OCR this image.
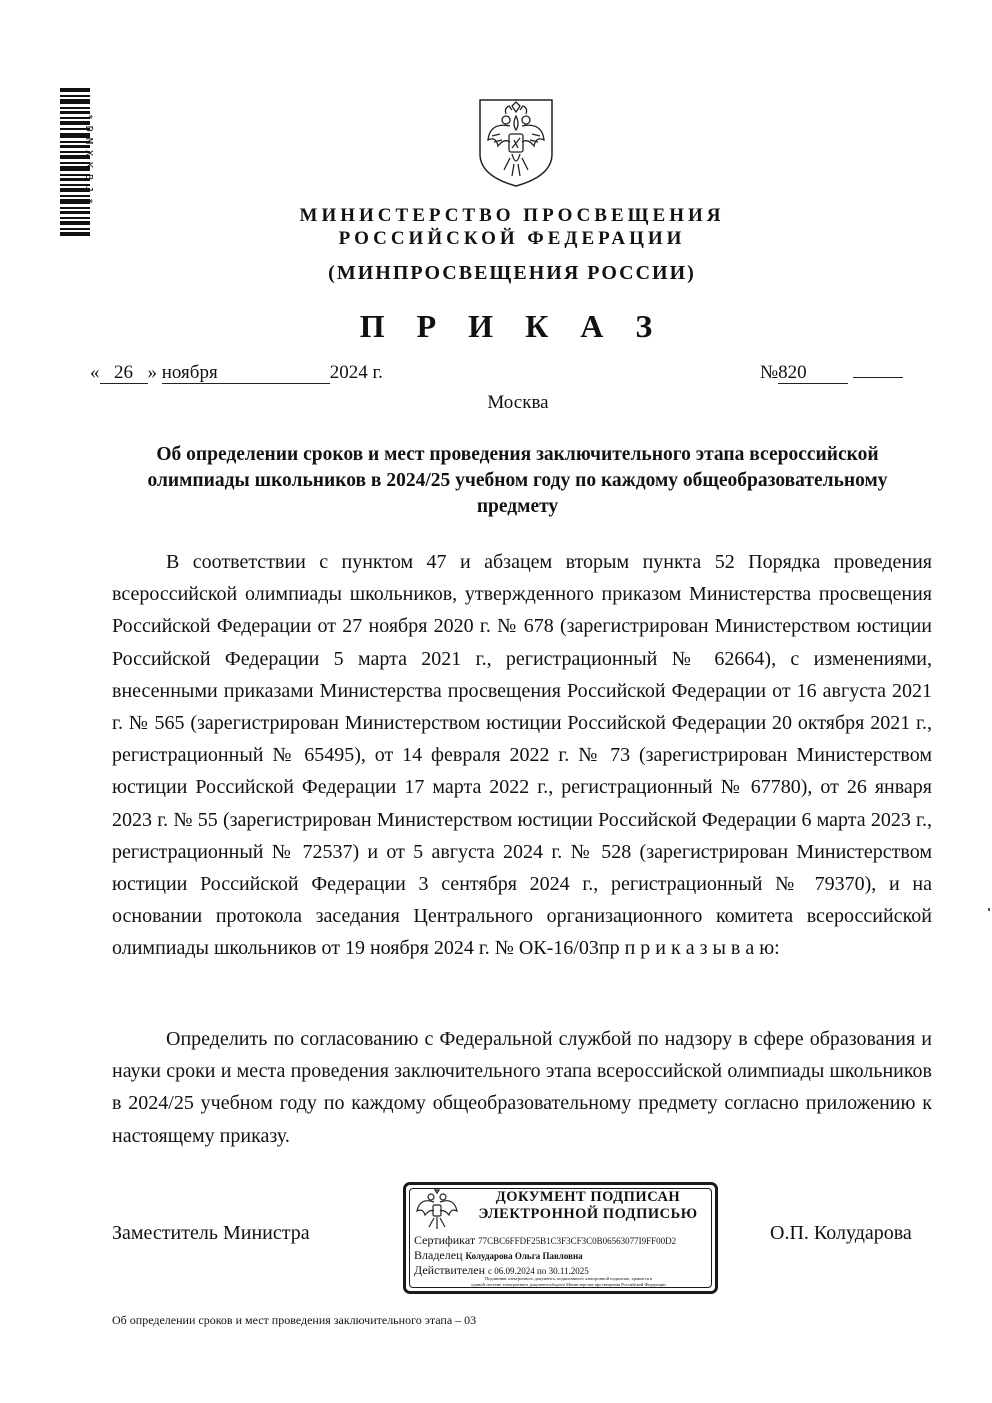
*DMXKBJ*
МИНИСТЕРСТВО ПРОСВЕЩЕНИЯ
РОССИЙСКОЙ ФЕДЕРАЦИИ
(МИНПРОСВЕЩЕНИЯ РОССИИ)
П Р И К А З
« 26 » ноября	2024 г.	№820
Москва
Об определении сроков и мест проведения заключительного этапа всероссийской олимпиады школьников в 2024/25 учебном году по каждому общеобразовательному предмету
В соответствии с пунктом 47 и абзацем вторым пункта 52 Порядка проведения всероссийской олимпиады школьников, утвержденного приказом Министерства просвещения Российской Федерации от 27 ноября 2020 г. № 678 (зарегистрирован Министерством юстиции Российской Федерации 5 марта 2021 г., регистрационный № 62664), с изменениями, внесенными приказами Министерства просвещения Российской Федерации от 16 августа 2021 г. № 565 (зарегистрирован Министерством юстиции Российской Федерации 20 октября 2021 г., регистрационный № 65495), от 14 февраля 2022 г. № 73 (зарегистрирован Министерством юстиции Российской Федерации 17 марта 2022 г., регистрационный № 67780), от 26 января 2023 г. № 55 (зарегистрирован Министерством юстиции Российской Федерации 6 марта 2023 г., регистрационный № 72537) и от 5 августа 2024 г. № 528 (зарегистрирован Министерством юстиции Российской Федерации 3 сентября 2024 г., регистрационный № 79370), и на основании протокола заседания Центрального организационного комитета всероссийской олимпиады школьников от 19 ноября 2024 г. № ОК-16/03пр п р и к а з ы в а ю:
Определить по согласованию с Федеральной службой по надзору в сфере образования и науки сроки и места проведения заключительного этапа всероссийской олимпиады школьников в 2024/25 учебном году по каждому общеобразовательному предмету согласно приложению к настоящему приказу.
Заместитель Министра
ДОКУМЕНТ ПОДПИСАН
ЭЛЕКТРОННОЙ ПОДПИСЬЮ
Сертификат 77CBC6FFDF25B1C3F3CF3C0B06563077I9FF00D2
Владелец Колударова Ольга Павловна
Действителен с 06.09.2024 по 30.11.2025
Подлинник электронного документа, подписанного электронной подписью, хранится в
единой системе электронного документооборота Министерства просвещения Российской Федерации
О.П. Колударова
Об определении сроков и мест проведения заключительного этапа – 03
